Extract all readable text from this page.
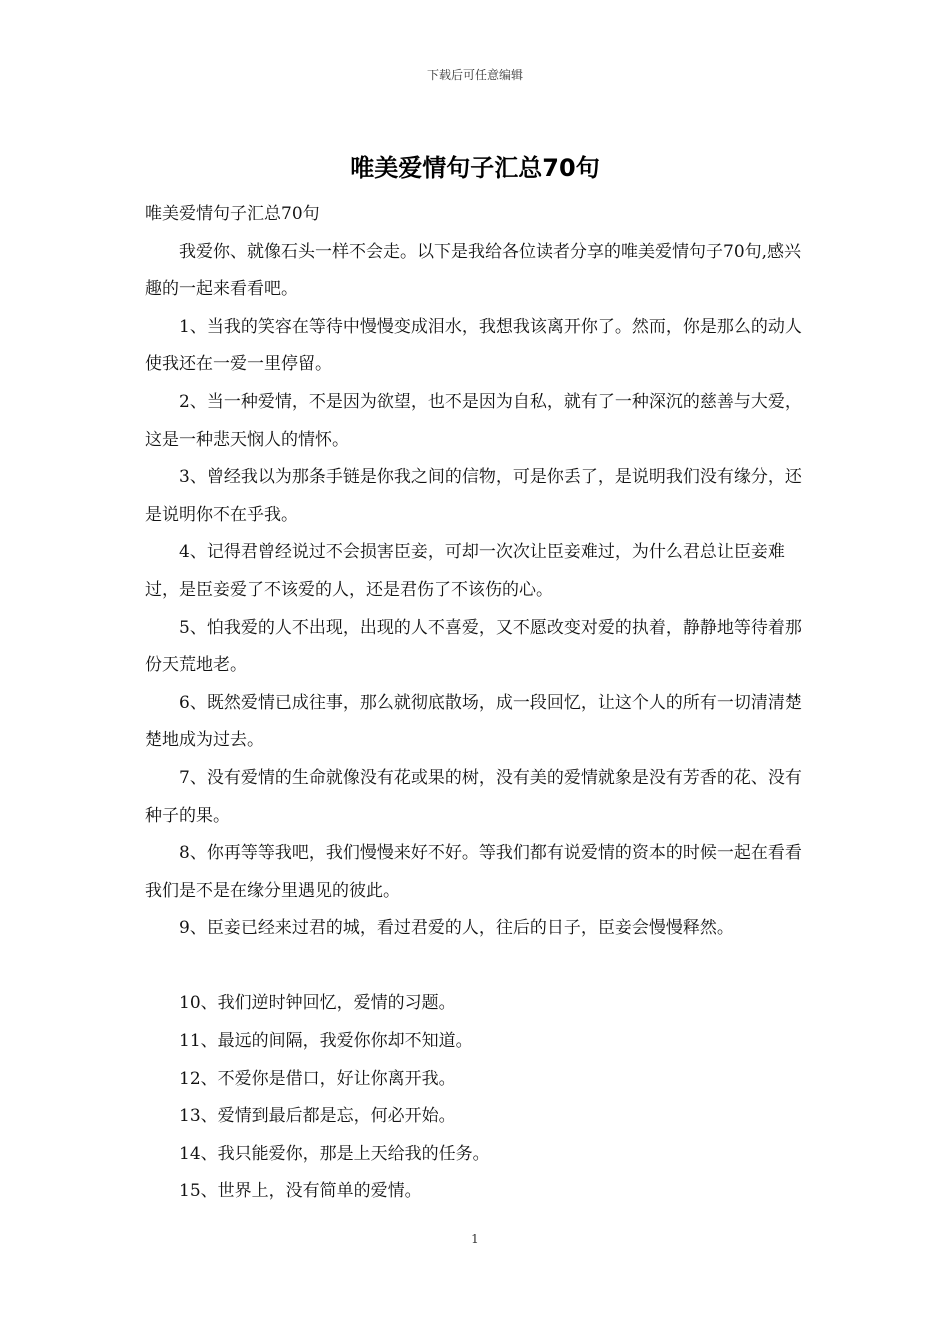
下载后可任意编辑
唯美爱情句子汇总70句

唯美爱情句子汇总70句

我爱你、就像石头一样不会走。以下是我给各位读者分享的唯美爱情句子70句,感兴趣的一起来看看吧。

1、当我的笑容在等待中慢慢变成泪水，我想我该离开你了。然而，你是那么的动人使我还在一爱一里停留。

2、当一种爱情，不是因为欲望，也不是因为自私，就有了一种深沉的慈善与大爱，这是一种悲天悯人的情怀。

3、曾经我以为那条手链是你我之间的信物，可是你丢了，是说明我们没有缘分，还是说明你不在乎我。

4、记得君曾经说过不会损害臣妾，可却一次次让臣妾难过，为什么君总让臣妾难过，是臣妾爱了不该爱的人，还是君伤了不该伤的心。

5、怕我爱的人不出现，出现的人不喜爱，又不愿改变对爱的执着，静静地等待着那份天荒地老。

6、既然爱情已成往事，那么就彻底散场，成一段回忆，让这个人的所有一切清清楚楚地成为过去。

7、没有爱情的生命就像没有花或果的树，没有美的爱情就象是没有芳香的花、没有种子的果。

8、你再等等我吧，我们慢慢来好不好。等我们都有说爱情的资本的时候一起在看看我们是不是在缘分里遇见的彼此。

9、臣妾已经来过君的城，看过君爱的人，往后的日子，臣妾会慢慢释然。

10、我们逆时钟回忆，爱情的习题。

11、最远的间隔，我爱你你却不知道。

12、不爱你是借口，好让你离开我。

13、爱情到最后都是忘，何必开始。

14、我只能爱你，那是上天给我的任务。

15、世界上，没有简单的爱情。

1
